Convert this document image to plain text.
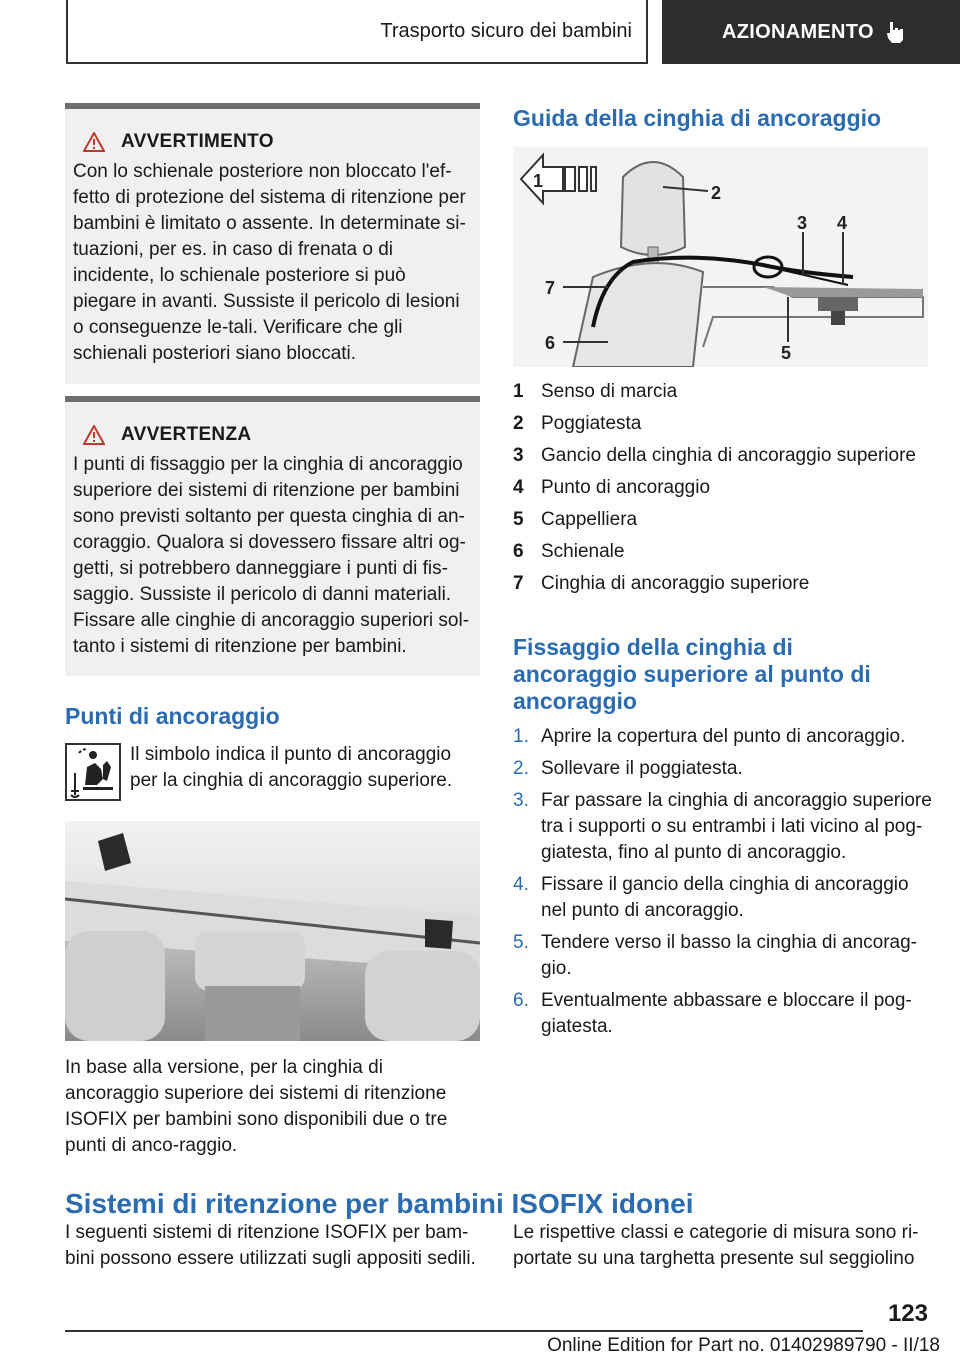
Trasporto sicuro dei bambini	AZIONAMENTO
AVVERTIMENTO
Con lo schienale posteriore non bloccato l'ef-fetto di protezione del sistema di ritenzione per bambini è limitato o assente. In determinate si-tuazioni, per es. in caso di frenata o di incidente, lo schienale posteriore si può piegare in avanti. Sussiste il pericolo di lesioni o conseguenze le-tali. Verificare che gli schienali posteriori siano bloccati.
AVVERTENZA
I punti di fissaggio per la cinghia di ancoraggio superiore dei sistemi di ritenzione per bambini sono previsti soltanto per questa cinghia di an-coraggio. Qualora si dovessero fissare altri og-getti, si potrebbero danneggiare i punti di fis-saggio. Sussiste il pericolo di danni materiali. Fissare alle cinghie di ancoraggio superiori sol-tanto i sistemi di ritenzione per bambini.
Punti di ancoraggio

Il simbolo indica il punto di ancoraggio per la cinghia di ancoraggio superiore.

In base alla versione, per la cinghia di ancoraggio superiore dei sistemi di ritenzione ISOFIX per bambini sono disponibili due o tre punti di anco-raggio.

Guida della cinghia di ancoraggio
1
2
3 4
5
6
7
1 Senso di marcia
2 Poggiatesta
3 Gancio della cinghia di ancoraggio superiore
4 Punto di ancoraggio
5 Cappelliera
6 Schienale
7 Cinghia di ancoraggio superiore
Fissaggio della cinghia di
ancoraggio superiore al punto di
ancoraggio
1. Aprire la copertura del punto di ancoraggio.
2. Sollevare il poggiatesta.
3. Far passare la cinghia di ancoraggio superiore tra i supporti o su entrambi i lati vicino al pog-giatesta, fino al punto di ancoraggio.
4. Fissare il gancio della cinghia di ancoraggio nel punto di ancoraggio.
5. Tendere verso il basso la cinghia di ancorag-gio.
6. Eventualmente abbassare e bloccare il pog-giatesta.
Sistemi di ritenzione per bambini ISOFIX idonei

I seguenti sistemi di ritenzione ISOFIX per bam-bini possono essere utilizzati sugli appositi sedili.

Le rispettive classi e categorie di misura sono ri-portate su una targhetta presente sul seggiolino

123
Online Edition for Part no. 01402989790 - II/18
